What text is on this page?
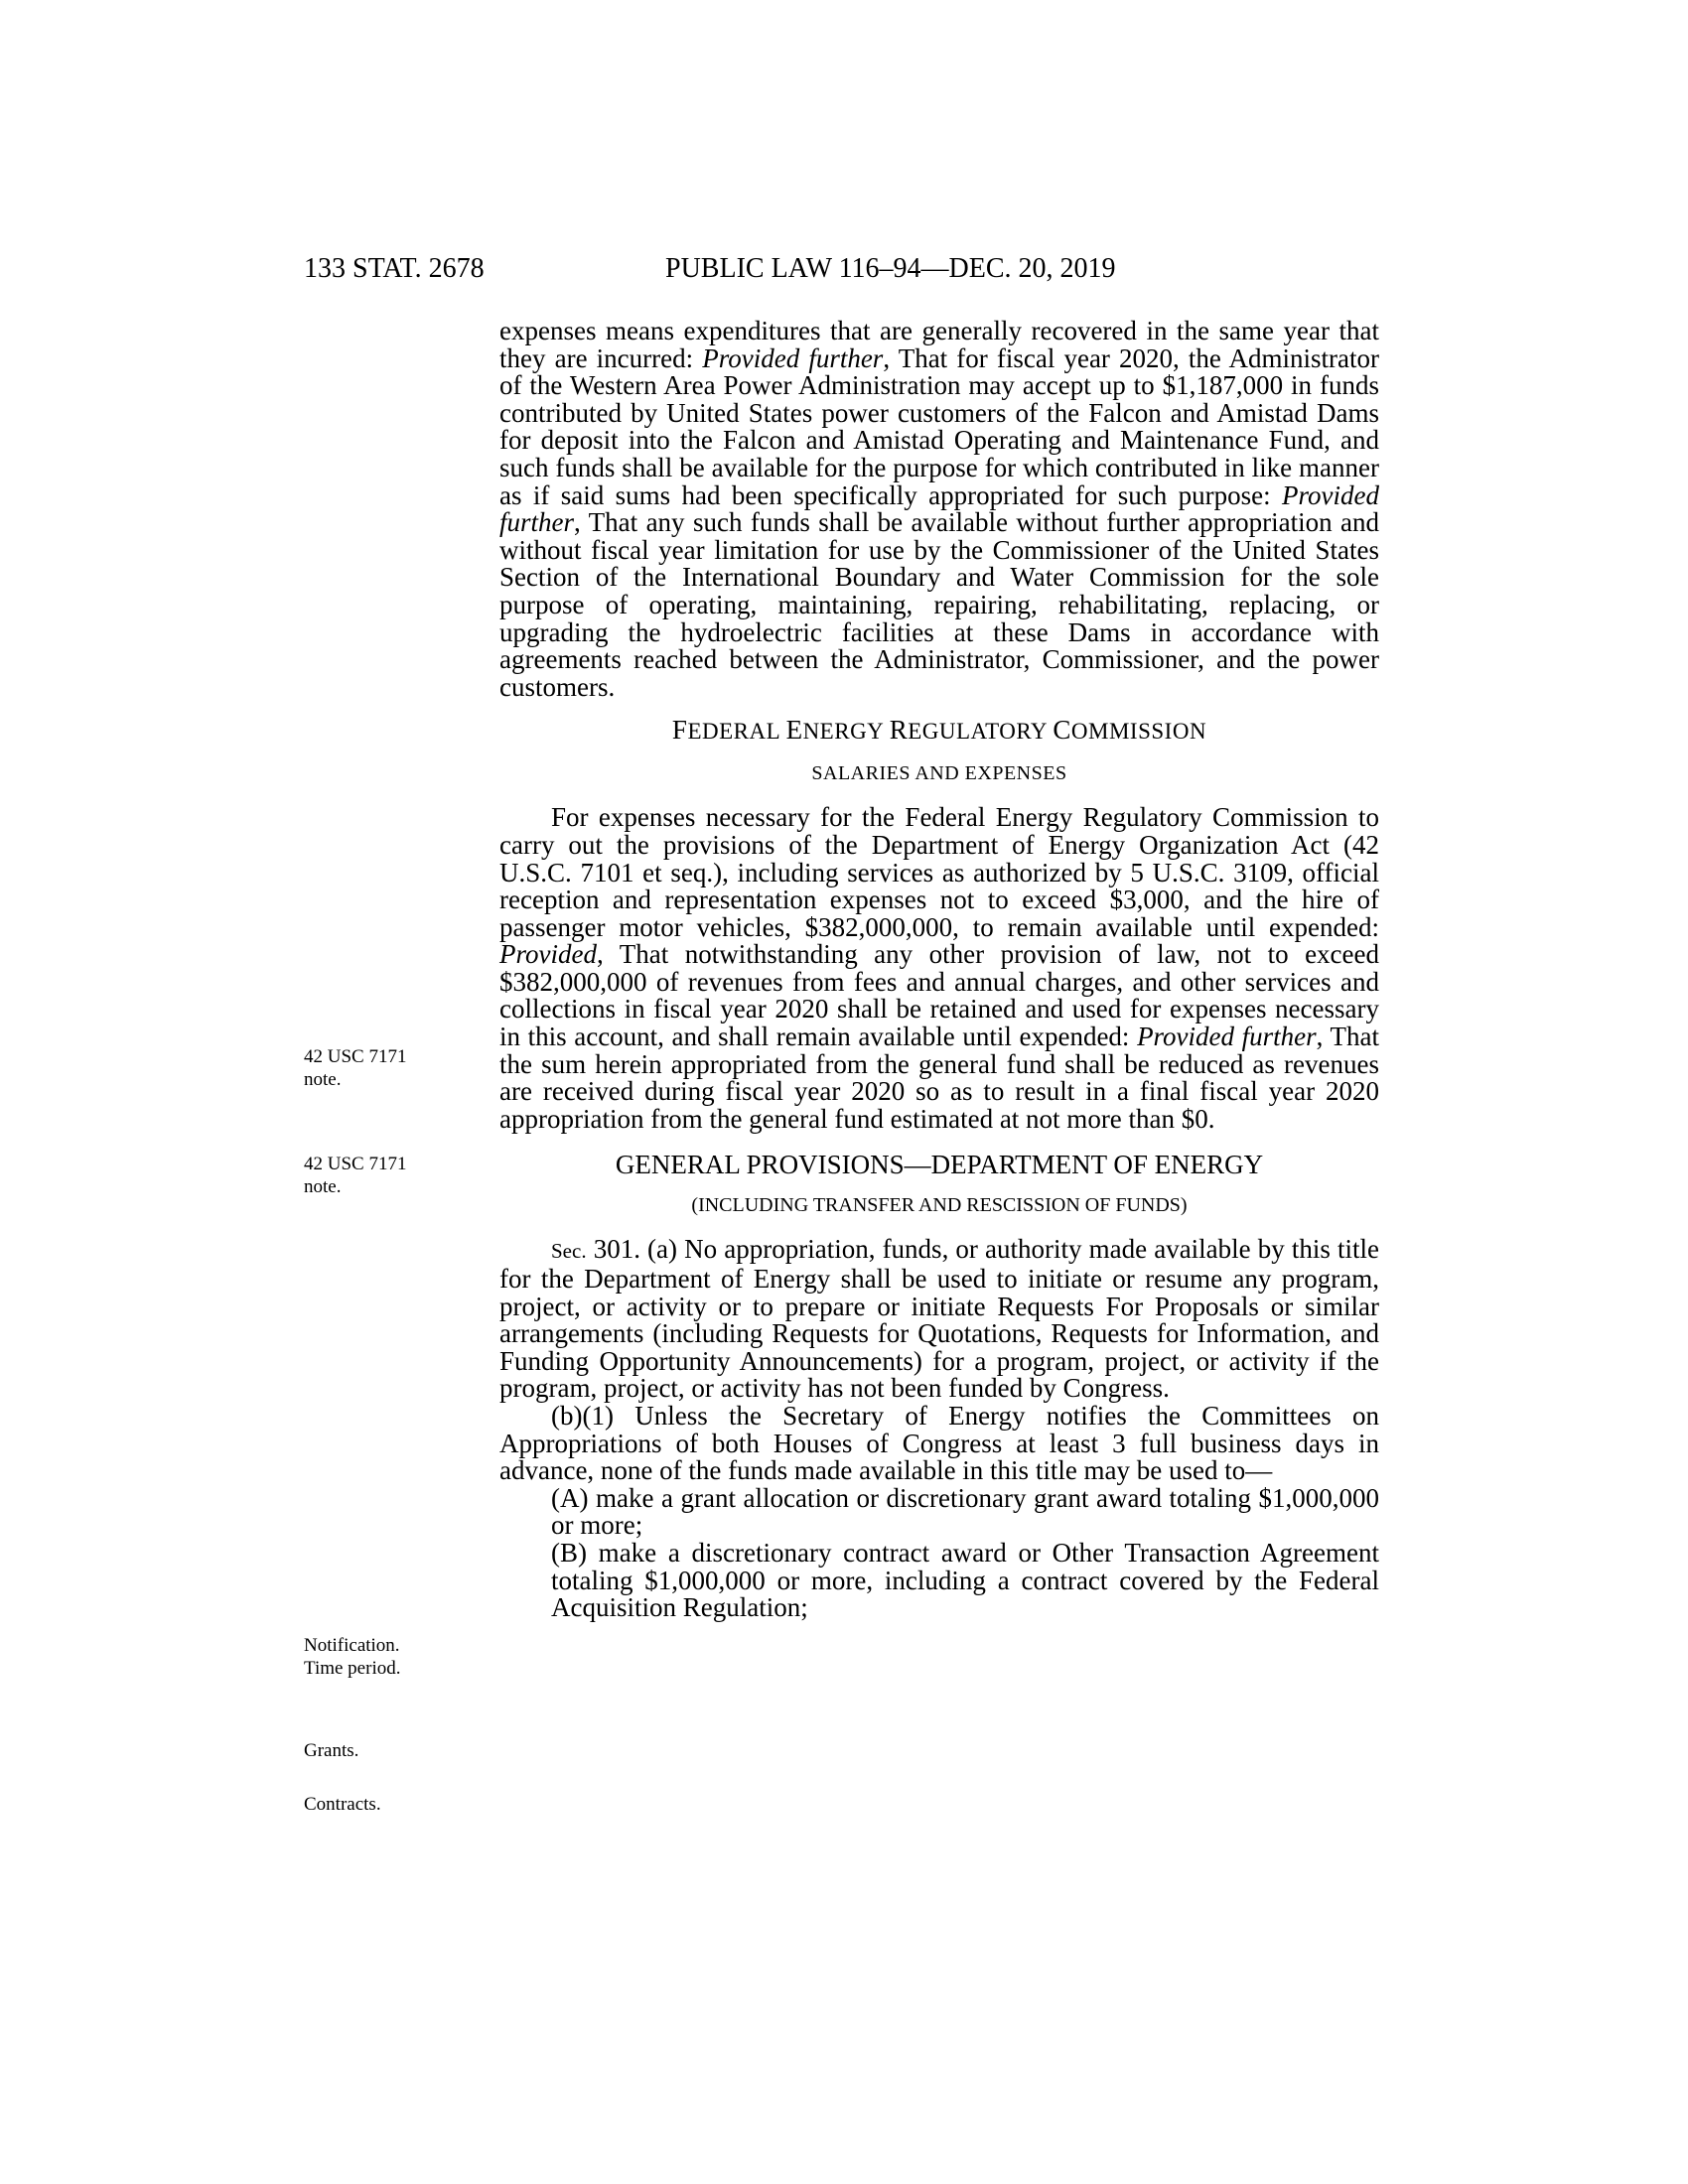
133 STAT. 2678	PUBLIC LAW 116–94—DEC. 20, 2019

expenses means expenditures that are generally recovered in the same year that they are incurred: Provided further, That for fiscal year 2020, the Administrator of the Western Area Power Administration may accept up to $1,187,000 in funds contributed by United States power customers of the Falcon and Amistad Dams for deposit into the Falcon and Amistad Operating and Maintenance Fund, and such funds shall be available for the purpose for which contributed in like manner as if said sums had been specifically appropriated for such purpose: Provided further, That any such funds shall be available without further appropriation and without fiscal year limitation for use by the Commissioner of the United States Section of the International Boundary and Water Commission for the sole purpose of operating, maintaining, repairing, rehabilitating, replacing, or upgrading the hydroelectric facilities at these Dams in accordance with agreements reached between the Administrator, Commissioner, and the power customers.

FEDERAL ENERGY REGULATORY COMMISSION
SALARIES AND EXPENSES

For expenses necessary for the Federal Energy Regulatory Commission to carry out the provisions of the Department of Energy Organization Act (42 U.S.C. 7101 et seq.), including services as authorized by 5 U.S.C. 3109, official reception and representation expenses not to exceed $3,000, and the hire of passenger motor vehicles, $382,000,000, to remain available until expended: Provided, That notwithstanding any other provision of law, not to exceed $382,000,000 of revenues from fees and annual charges, and other services and collections in fiscal year 2020 shall be retained and used for expenses necessary in this account, and shall remain available until expended: Provided further, That the sum herein appropriated from the general fund shall be reduced as revenues are received during fiscal year 2020 so as to result in a final fiscal year 2020 appropriation from the general fund estimated at not more than $0.

GENERAL PROVISIONS—DEPARTMENT OF ENERGY
(INCLUDING TRANSFER AND RESCISSION OF FUNDS)

Sec. 301. (a) No appropriation, funds, or authority made available by this title for the Department of Energy shall be used to initiate or resume any program, project, or activity or to prepare or initiate Requests For Proposals or similar arrangements (including Requests for Quotations, Requests for Information, and Funding Opportunity Announcements) for a program, project, or activity if the program, project, or activity has not been funded by Congress.

(b)(1) Unless the Secretary of Energy notifies the Committees on Appropriations of both Houses of Congress at least 3 full business days in advance, none of the funds made available in this title may be used to—

(A) make a grant allocation or discretionary grant award totaling $1,000,000 or more;

(B) make a discretionary contract award or Other Transaction Agreement totaling $1,000,000 or more, including a contract covered by the Federal Acquisition Regulation;

42 USC 7171
note.
42 USC 7171
note.
Notification.
Time period.
Grants.
Contracts.
